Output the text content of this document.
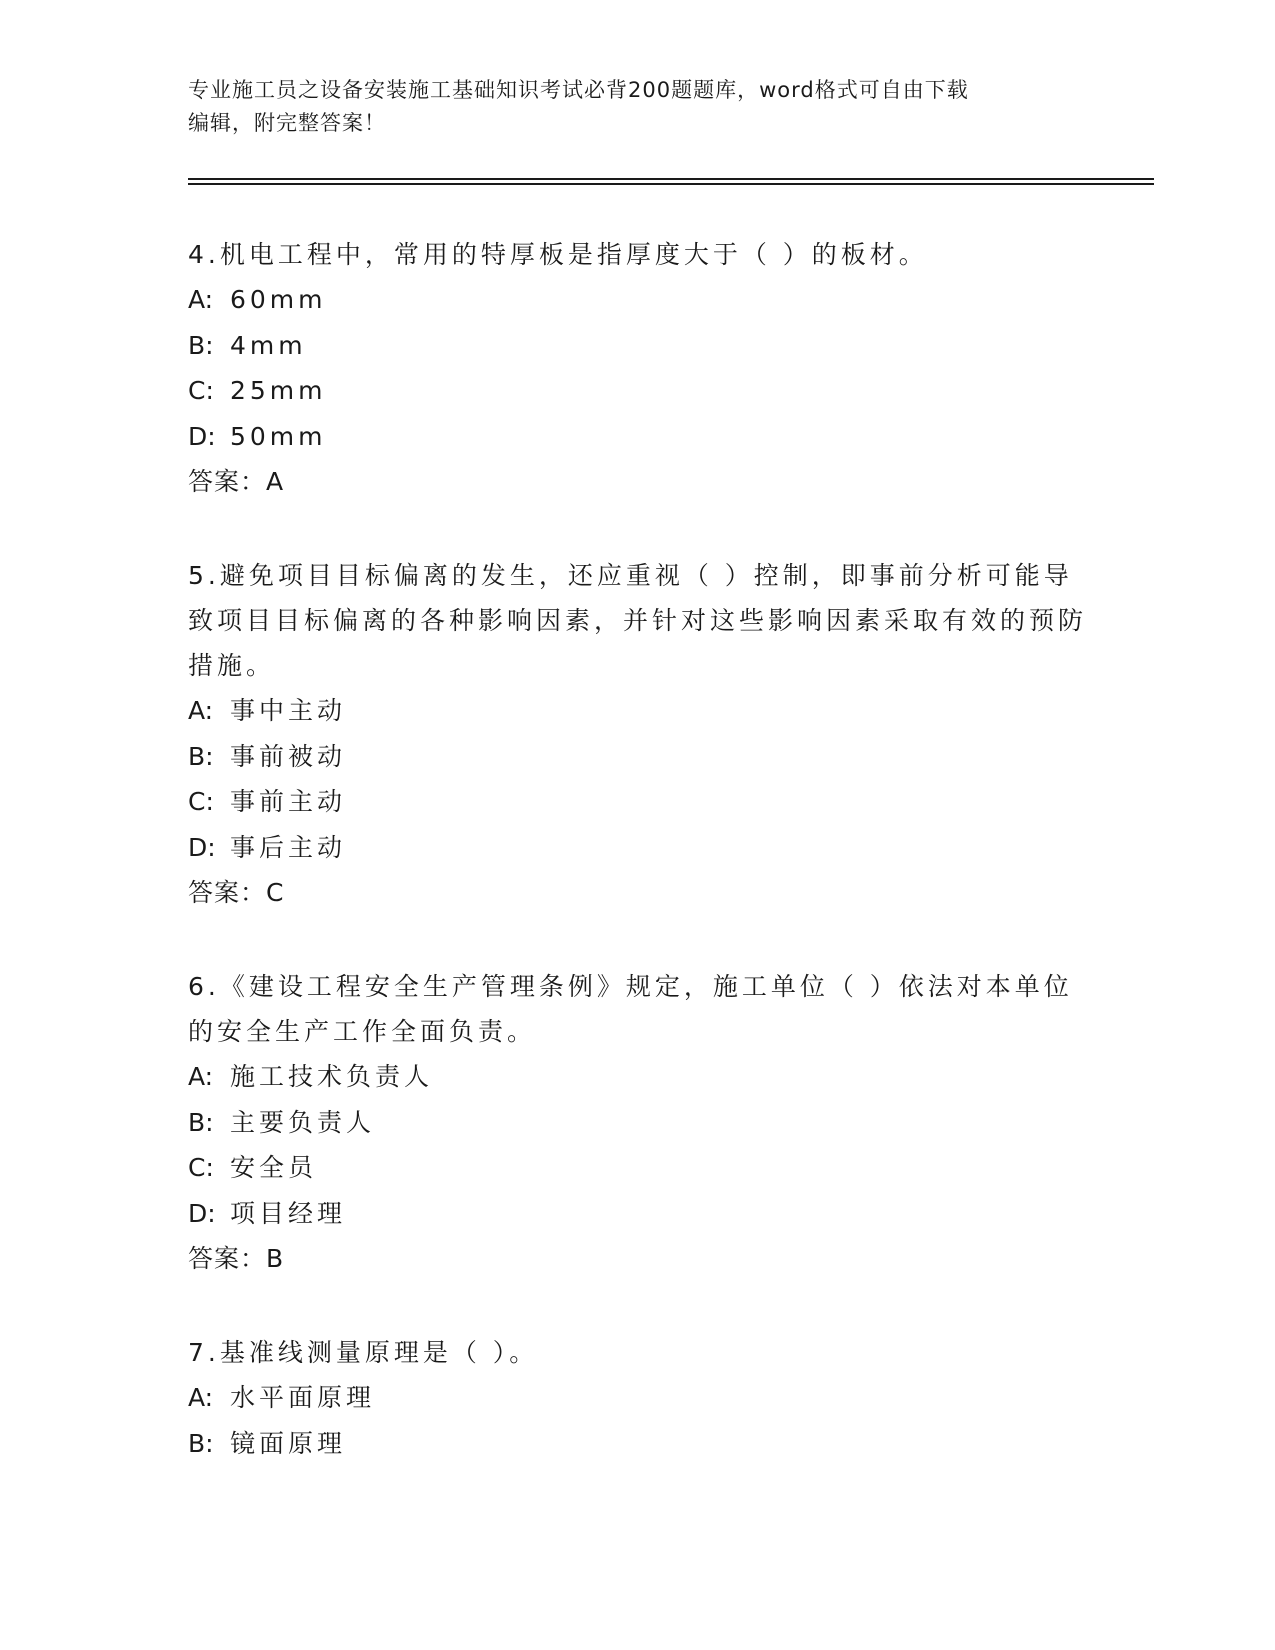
专业施工员之设备安装施工基础知识考试必背200题题库，word格式可自由下载
编辑，附完整答案！

4.机电工程中，常用的特厚板是指厚度大于（ ）的板材。

A: 60mm

B: 4mm

C: 25mm

D: 50mm

答案：A

5.避免项目目标偏离的发生，还应重视（ ）控制，即事前分析可能导致项目目标偏离的各种影响因素，并针对这些影响因素采取有效的预防措施。

A: 事中主动

B: 事前被动

C: 事前主动

D: 事后主动

答案：C

6.《建设工程安全生产管理条例》规定，施工单位（ ）依法对本单位的安全生产工作全面负责。

A: 施工技术负责人

B: 主要负责人

C: 安全员

D: 项目经理

答案：B

7.基准线测量原理是（ ）。

A: 水平面原理

B: 镜面原理
